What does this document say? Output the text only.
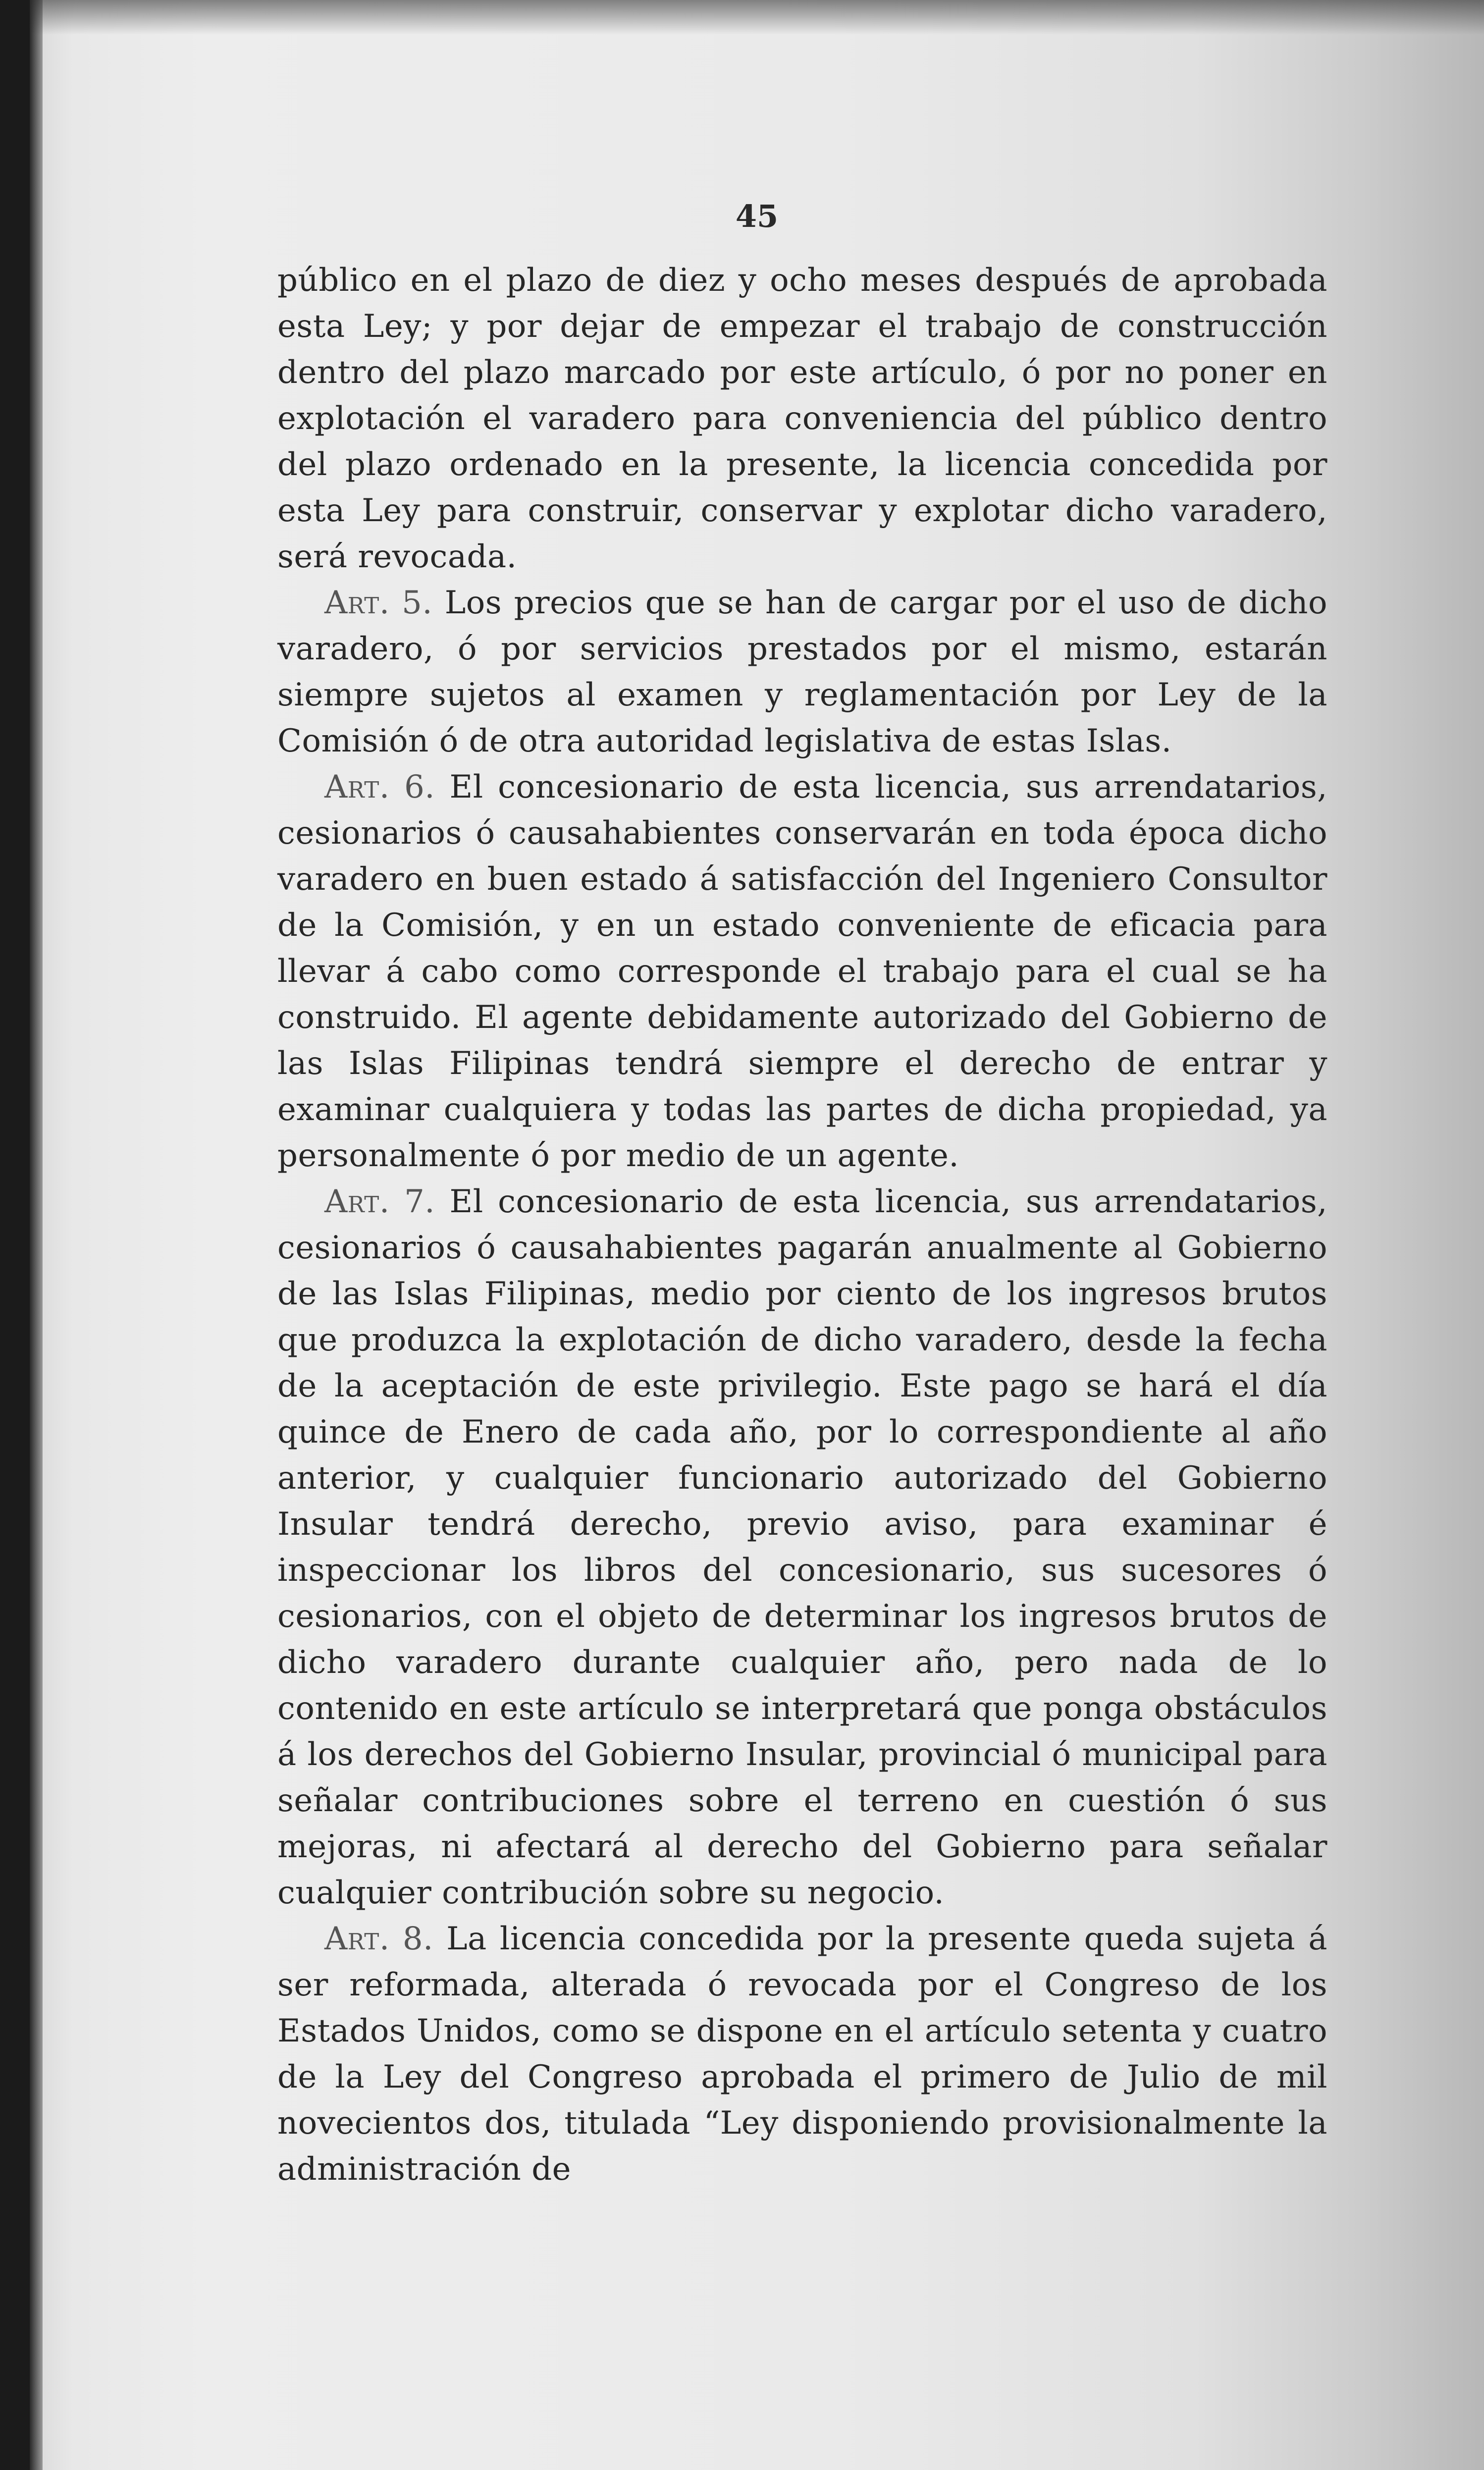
45

público en el plazo de diez y ocho meses después de aprobada esta Ley; y por dejar de empezar el trabajo de construcción dentro del plazo marcado por este artículo, ó por no poner en explotación el varadero para conveniencia del público dentro del plazo ordenado en la presente, la licencia concedida por esta Ley para construir, conservar y explotar dicho varadero, será revocada.

Art. 5. Los precios que se han de cargar por el uso de dicho varadero, ó por servicios prestados por el mismo, estarán siempre sujetos al examen y reglamentación por Ley de la Comisión ó de otra autoridad legislativa de estas Islas.

Art. 6. El concesionario de esta licencia, sus arrendatarios, cesionarios ó causahabientes conservarán en toda época dicho varadero en buen estado á satisfacción del Ingeniero Consultor de la Comisión, y en un estado conveniente de eficacia para llevar á cabo como corresponde el trabajo para el cual se ha construido. El agente debidamente autorizado del Gobierno de las Islas Filipinas tendrá siempre el derecho de entrar y examinar cualquiera y todas las partes de dicha propiedad, ya personalmente ó por medio de un agente.

Art. 7. El concesionario de esta licencia, sus arrendatarios, cesionarios ó causahabientes pagarán anualmente al Gobierno de las Islas Filipinas, medio por ciento de los ingresos brutos que produzca la explotación de dicho varadero, desde la fecha de la aceptación de este privilegio. Este pago se hará el día quince de Enero de cada año, por lo correspondiente al año anterior, y cualquier funcionario autorizado del Gobierno Insular tendrá derecho, previo aviso, para examinar é inspeccionar los libros del concesionario, sus sucesores ó cesionarios, con el objeto de determinar los ingresos brutos de dicho varadero durante cualquier año, pero nada de lo contenido en este artículo se interpretará que ponga obstáculos á los derechos del Gobierno Insular, provincial ó municipal para señalar contribuciones sobre el terreno en cuestión ó sus mejoras, ni afectará al derecho del Gobierno para señalar cualquier contribución sobre su negocio.

Art. 8. La licencia concedida por la presente queda sujeta á ser reformada, alterada ó revocada por el Congreso de los Estados Unidos, como se dispone en el artículo setenta y cuatro de la Ley del Congreso aprobada el primero de Julio de mil novecientos dos, titulada “Ley disponiendo provisionalmente la administración de
